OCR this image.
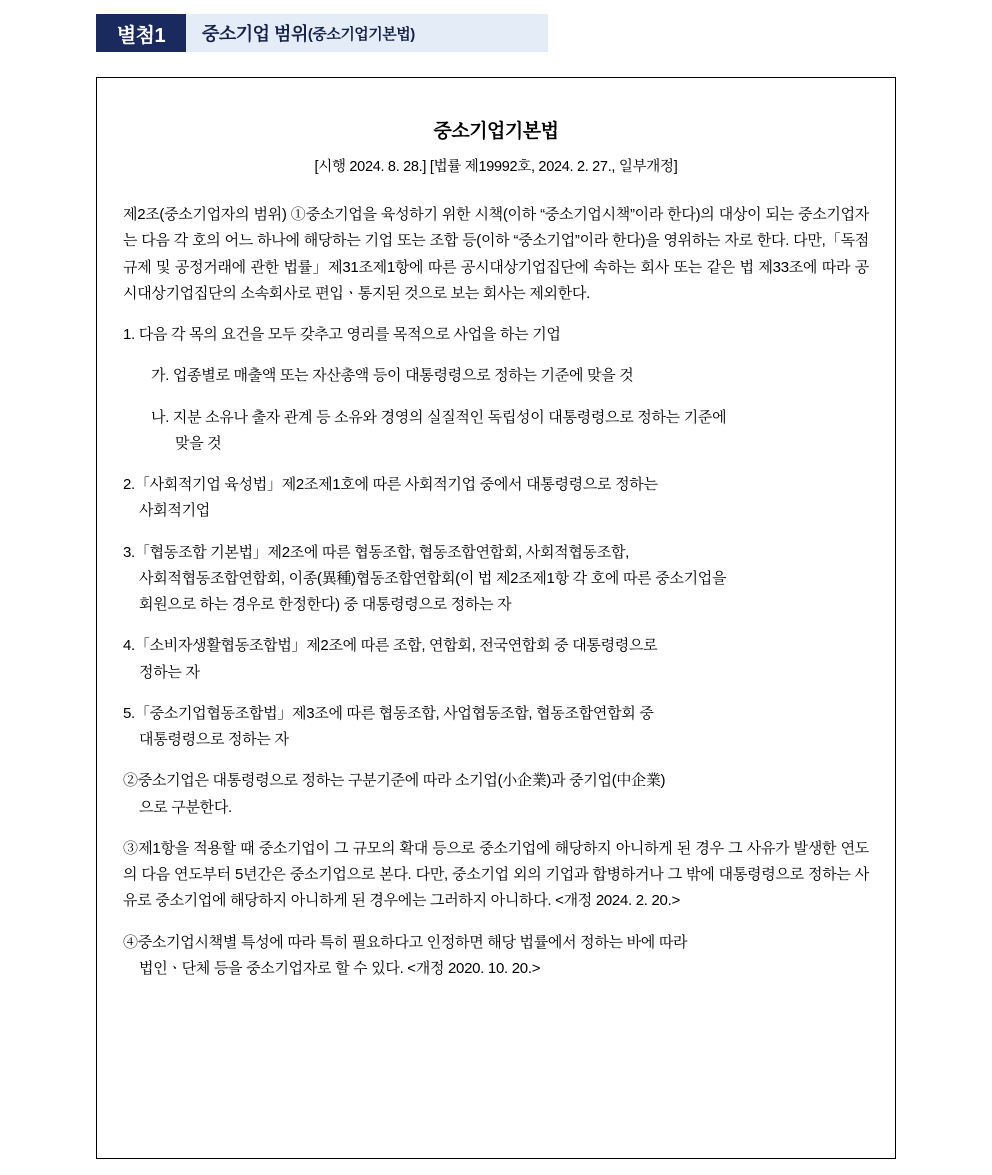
별첨1	중소기업 범위 (중소기업기본법)
중소기업기본법
[시행 2024. 8. 28.] [법률 제19992호, 2024. 2. 27., 일부개정]
제2조(중소기업자의 범위) ①중소기업을 육성하기 위한 시책(이하 “중소기업시책”이라 한다)의 대상이 되는 중소기업자는 다음 각 호의 어느 하나에 해당하는 기업 또는 조합 등(이하 “중소기업”이라 한다)을 영위하는 자로 한다. 다만,「독점규제 및 공정거래에 관한 법률」제31조제1항에 따른 공시대상기업집단에 속하는 회사 또는 같은 법 제33조에 따라 공시대상기업집단의 소속회사로 편입ㆍ통지된 것으로 보는 회사는 제외한다.
1. 다음 각 목의 요건을 모두 갖추고 영리를 목적으로 사업을 하는 기업
가. 업종별로 매출액 또는 자산총액 등이 대통령령으로 정하는 기준에 맞을 것
나. 지분 소유나 출자 관계 등 소유와 경영의 실질적인 독립성이 대통령령으로 정하는 기준에
맞을 것
2.「사회적기업 육성법」제2조제1호에 따른 사회적기업 중에서 대통령령으로 정하는
사회적기업
3.「협동조합 기본법」제2조에 따른 협동조합, 협동조합연합회, 사회적협동조합,
사회적협동조합연합회, 이종(異種)협동조합연합회(이 법 제2조제1항 각 호에 따른 중소기업을
회원으로 하는 경우로 한정한다) 중 대통령령으로 정하는 자
4.「소비자생활협동조합법」제2조에 따른 조합, 연합회, 전국연합회 중 대통령령으로
정하는 자
5.「중소기업협동조합법」제3조에 따른 협동조합, 사업협동조합, 협동조합연합회 중
대통령령으로 정하는 자
②중소기업은 대통령령으로 정하는 구분기준에 따라 소기업(小企業)과 중기업(中企業)
으로 구분한다.
③제1항을 적용할 때 중소기업이 그 규모의 확대 등으로 중소기업에 해당하지 아니하게 된 경우 그 사유가 발생한 연도의 다음 연도부터 5년간은 중소기업으로 본다. 다만, 중소기업 외의 기업과 합병하거나 그 밖에 대통령령으로 정하는 사유로 중소기업에 해당하지 아니하게 된 경우에는 그러하지 아니하다. <개정 2024. 2. 20.>
④중소기업시책별 특성에 따라 특히 필요하다고 인정하면 해당 법률에서 정하는 바에 따라
법인ㆍ단체 등을 중소기업자로 할 수 있다. <개정 2020. 10. 20.>
